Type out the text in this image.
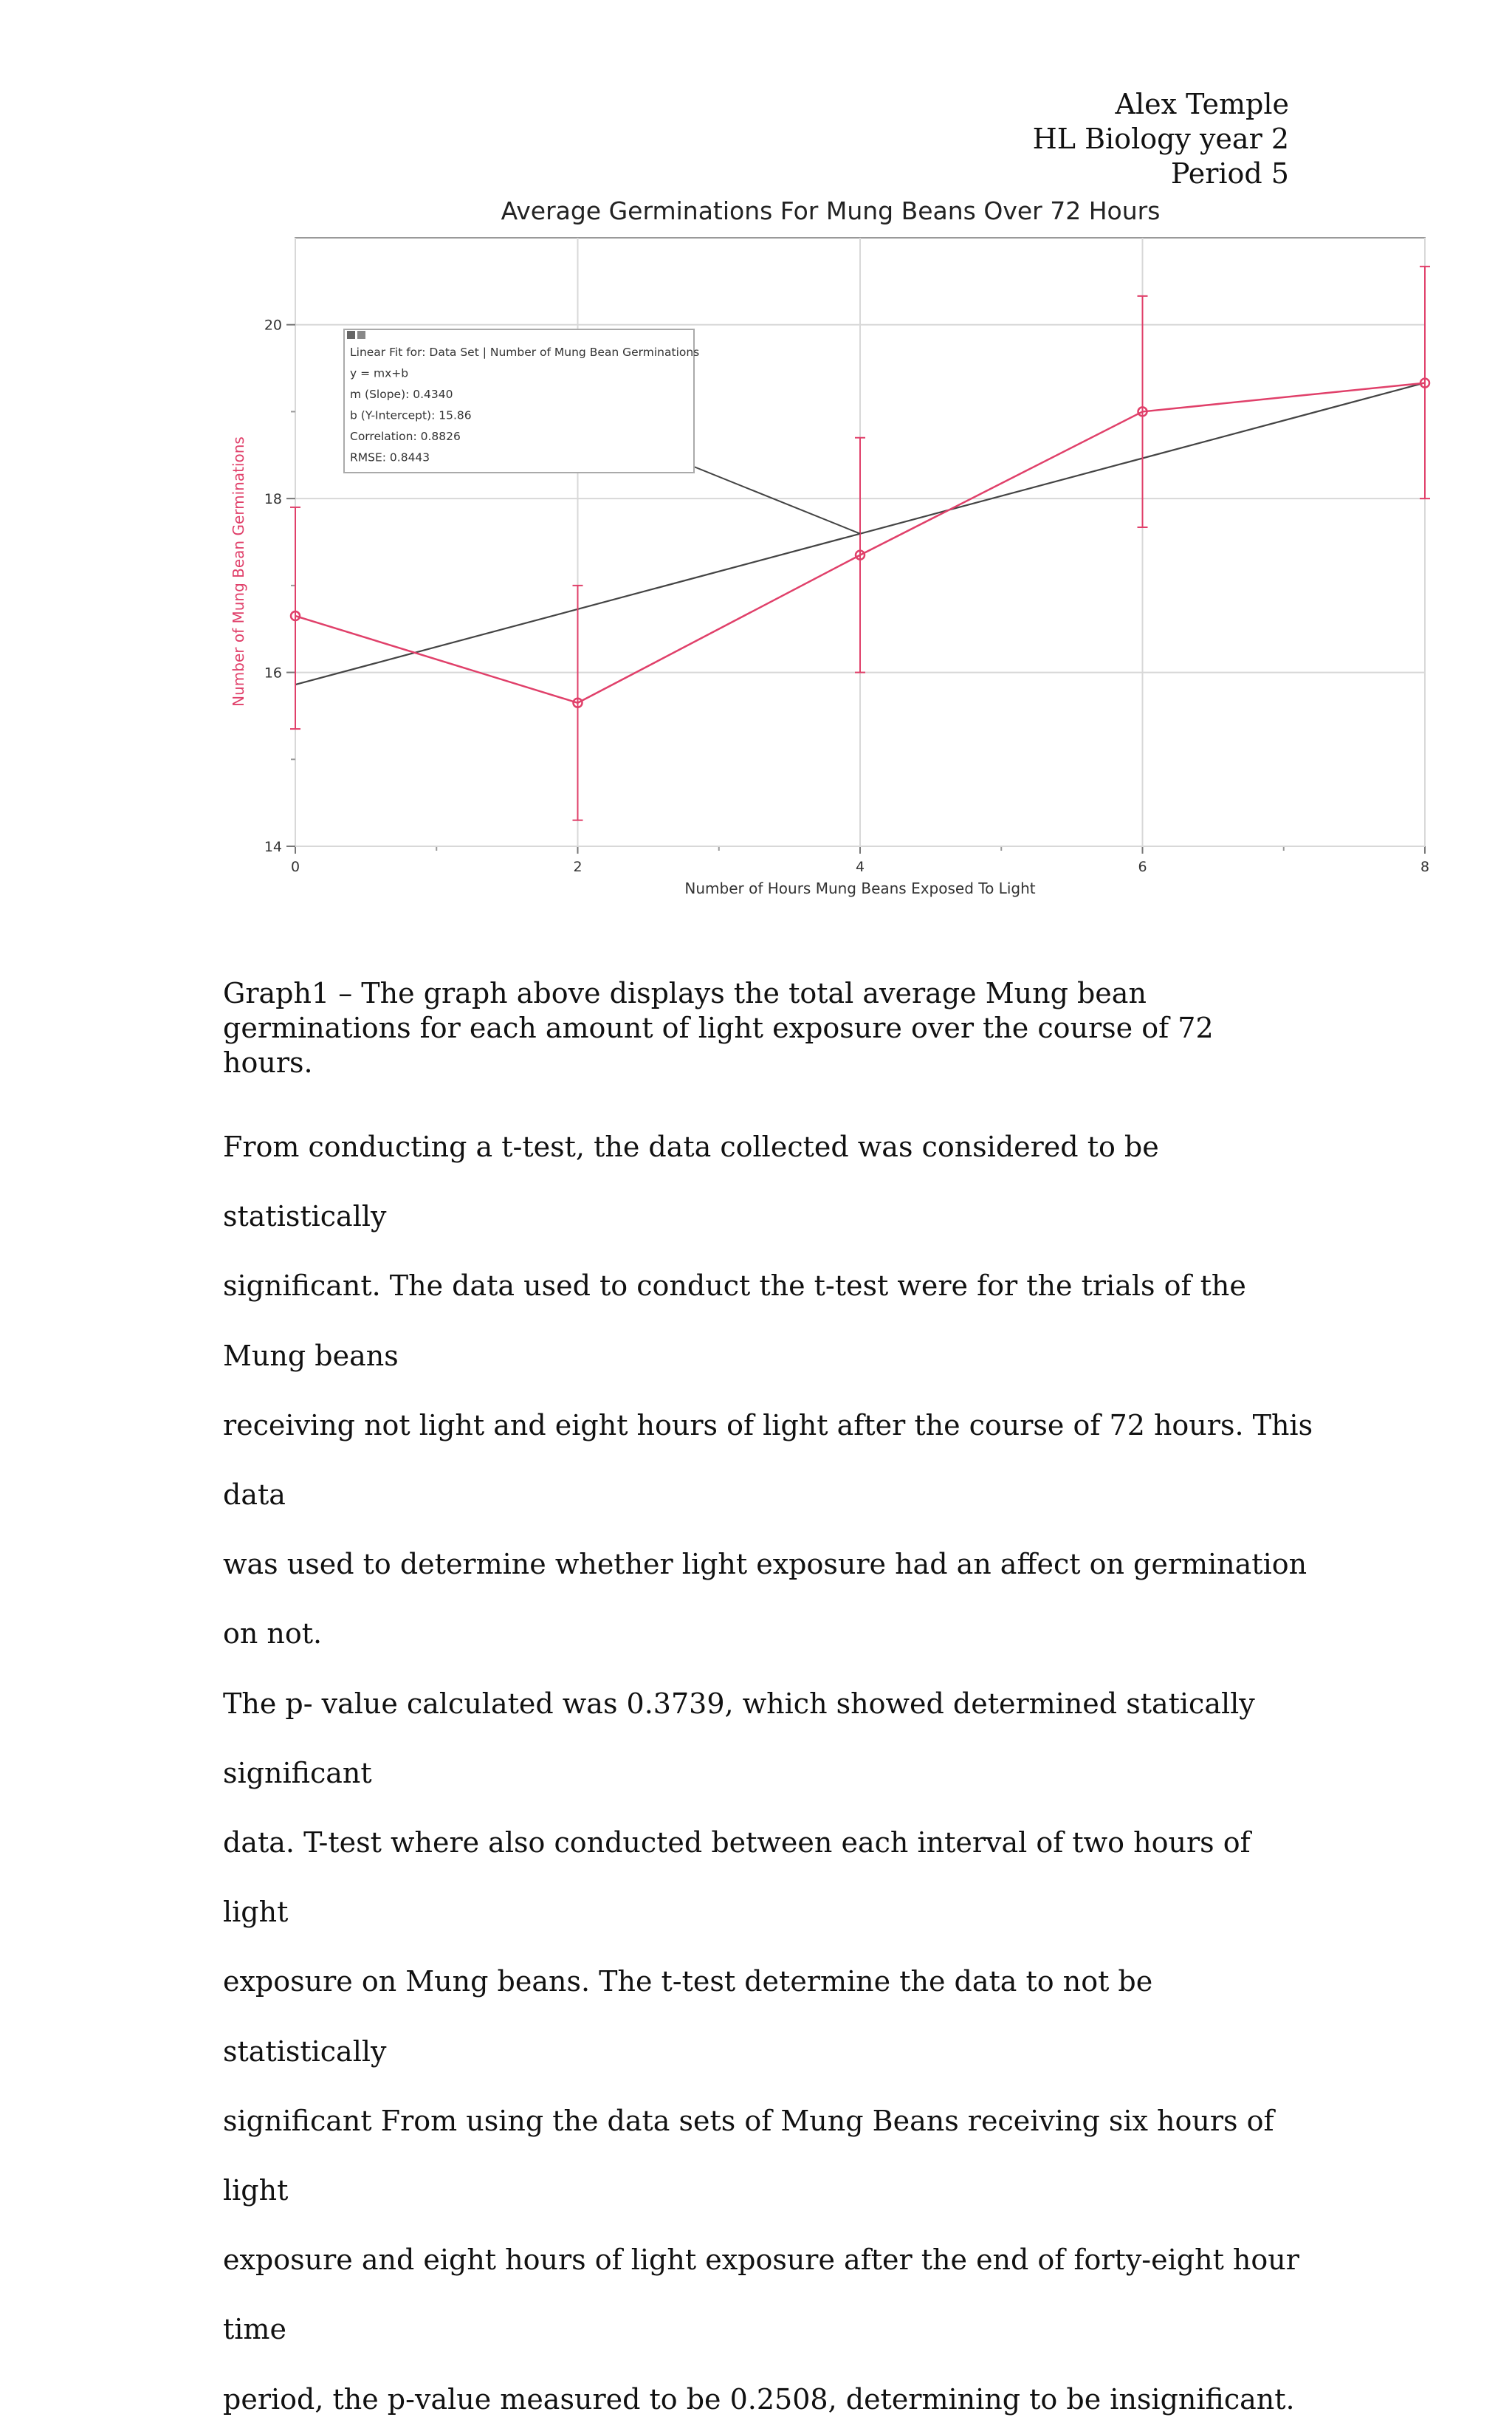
Alex Temple
HL Biology year 2
Period 5
Average Germinations For Mung Beans Over 72 Hours
0	2	4	6	8
14
16
18
20
Number of Hours Mung Beans Exposed To Light
Number of Mung Bean Germinations
Linear Fit for: Data Set | Number of Mung Bean Germinations
y = mx+b
m (Slope): 0.4340
b (Y-Intercept): 15.86
Correlation: 0.8826
RMSE: 0.8443
Graph1 – The graph above displays the total average Mung bean germinations for each amount of light exposure over the course of 72 hours.

From conducting a t-test, the data collected was considered to be statistically

significant. The data used to conduct the t-test were for the trials of the Mung beans

receiving not light and eight hours of light after the course of 72 hours. This data

was used to determine whether light exposure had an affect on germination on not.

The p- value calculated was 0.3739, which showed determined statically significant

data. T-test where also conducted between each interval of two hours of light

exposure on Mung beans. The t-test determine the data to not be statistically

significant From using the data sets of Mung Beans receiving six hours of light

exposure and eight hours of light exposure after the end of forty-eight hour time

period, the p-value measured to be 0.2508, determining to be insignificant.
